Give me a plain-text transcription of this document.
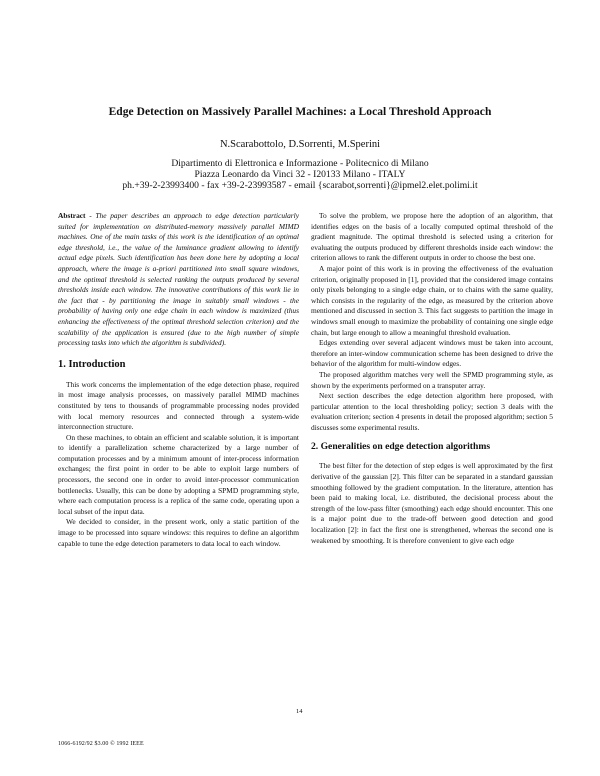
Edge Detection on Massively Parallel Machines: a Local Threshold Approach
N.Scarabottolo, D.Sorrenti, M.Sperini
Dipartimento di Elettronica e Informazione - Politecnico di Milano
Piazza Leonardo da Vinci 32 - I20133 Milano - ITALY
ph.+39-2-23993400 - fax +39-2-23993587 - email {scarabot,sorrenti}@ipmel2.elet.polimi.it

Abstract - The paper describes an approach to edge detection particularly suited for implementation on distributed-memory massively parallel MIMD machines. One of the main tasks of this work is the identification of an optimal edge threshold, i.e., the value of the luminance gradient allowing to identify actual edge pixels. Such identification has been done here by adopting a local approach, where the image is a-priori partitioned into small square windows, and the optimal threshold is selected ranking the outputs produced by several thresholds inside each window. The innovative contributions of this work lie in the fact that - by partitioning the image in suitably small windows - the probability of having only one edge chain in each window is maximized (thus enhancing the effectiveness of the optimal threshold selection criterion) and the scalability of the application is ensured (due to the high number of simple processing tasks into which the algorithm is subdivided).

1. Introduction

This work concerns the implementation of the edge detection phase, required in most image analysis processes, on massively parallel MIMD machines constituted by tens to thousands of programmable processing nodes provided with local memory resources and connected through a system-wide interconnection structure.

On these machines, to obtain an efficient and scalable solution, it is important to identify a parallelization scheme characterized by a large number of computation processes and by a minimum amount of inter-process information exchanges; the first point in order to be able to exploit large numbers of processors, the second one in order to avoid inter-processor communication bottlenecks. Usually, this can be done by adopting a SPMD programming style, where each computation process is a replica of the same code, operating upon a local subset of the input data.

We decided to consider, in the present work, only a static partition of the image to be processed into square windows: this requires to define an algorithm capable to tune the edge detection parameters to data local to each window.

To solve the problem, we propose here the adoption of an algorithm, that identifies edges on the basis of a locally computed optimal threshold of the gradient magnitude. The optimal threshold is selected using a criterion for evaluating the outputs produced by different thresholds inside each window: the criterion allows to rank the different outputs in order to choose the best one.

A major point of this work is in proving the effectiveness of the evaluation criterion, originally proposed in [1], provided that the considered image contains only pixels belonging to a single edge chain, or to chains with the same quality, which consists in the regularity of the edge, as measured by the criterion above mentioned and discussed in section 3. This fact suggests to partition the image in windows small enough to maximize the probability of containing one single edge chain, but large enough to allow a meaningful threshold evaluation.

Edges extending over several adjacent windows must be taken into account, therefore an inter-window communication scheme has been designed to drive the behavior of the algorithm for multi-window edges.

The proposed algorithm matches very well the SPMD programming style, as shown by the experiments performed on a transputer array.

Next section describes the edge detection algorithm here proposed, with particular attention to the local thresholding policy; section 3 deals with the evaluation criterion; section 4 presents in detail the proposed algorithm; section 5 discusses some experimental results.

2. Generalities on edge detection algorithms

The best filter for the detection of step edges is well approximated by the first derivative of the gaussian [2]. This filter can be separated in a standard gaussian smoothing followed by the gradient computation. In the literature, attention has been paid to making local, i.e. distributed, the decisional process about the strength of the low-pass filter (smoothing) each edge should encounter. This one is a major point due to the trade-off between good detection and good localization [2]: in fact the first one is strengthened, whereas the second one is weakened by smoothing. It is therefore convenient to give each edge

14
1066-6192/92 $3.00 © 1992 IEEE
